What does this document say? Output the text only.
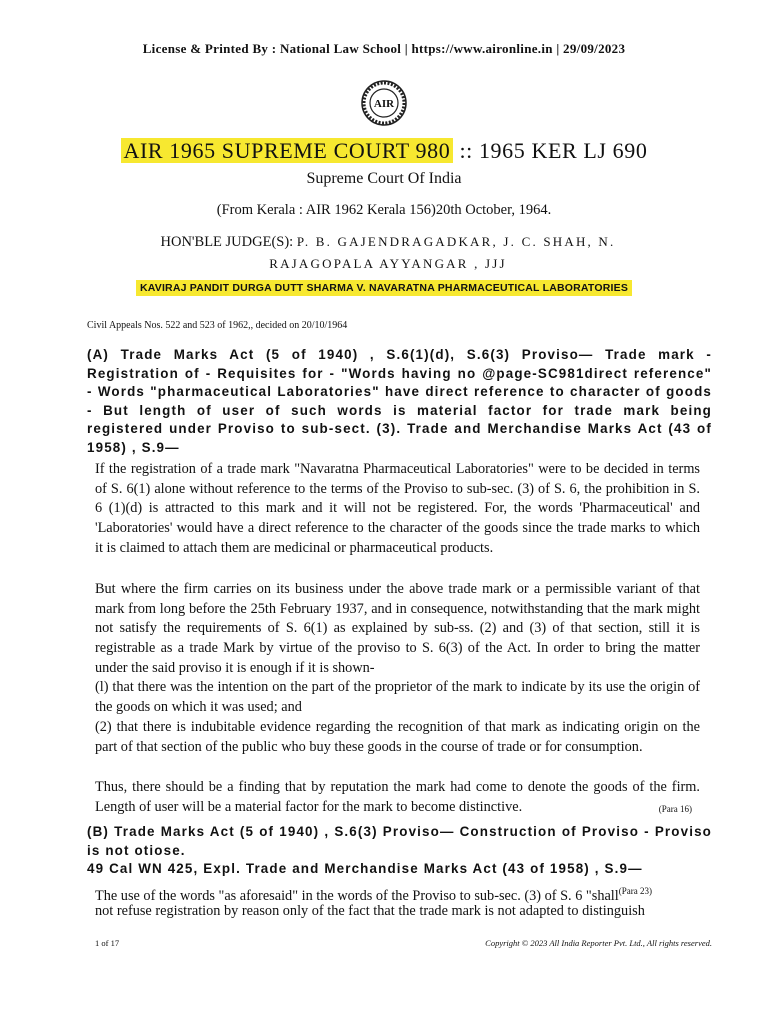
License & Printed By : National Law School | https://www.aironline.in | 29/09/2023
AIR
AIR 1965 SUPREME COURT 980 :: 1965 KER LJ 690
Supreme Court Of India
(From Kerala : AIR 1962 Kerala 156)20th October, 1964.
HON'BLE JUDGE(S): P. B. GAJENDRAGADKAR, J. C. SHAH, N. RAJAGOPALA AYYANGAR , JJJ
KAVIRAJ PANDIT DURGA DUTT SHARMA V. NAVARATNA PHARMACEUTICAL LABORATORIES
Civil Appeals Nos. 522 and 523 of 1962,, decided on 20/10/1964
(A) Trade Marks Act (5 of 1940) , S.6(1)(d), S.6(3) Proviso— Trade mark - Registration of - Requisites for - "Words having no @page-SC981direct reference" - Words "pharmaceutical Laboratories" have direct reference to character of goods - But length of user of such words is material factor for trade mark being registered under Proviso to sub-sect. (3). Trade and Merchandise Marks Act (43 of 1958) , S.9—
If the registration of a trade mark "Navaratna Pharmaceutical Laboratories" were to be decided in terms of S. 6(1) alone without reference to the terms of the Proviso to sub-sec. (3) of S. 6, the prohibition in S. 6 (1)(d) is attracted to this mark and it will not be registered. For, the words 'Pharmaceutical' and 'Laboratories' would have a direct reference to the character of the goods since the trade marks to which it is claimed to attach them are medicinal or pharmaceutical products.
But where the firm carries on its business under the above trade mark or a permissible variant of that mark from long before the 25th February 1937, and in consequence, notwithstanding that the mark might not satisfy the requirements of S. 6(1) as explained by sub-ss. (2) and (3) of that section, still it is registrable as a trade Mark by virtue of the proviso to S. 6(3) of the Act. In order to bring the matter under the said proviso it is enough if it is shown-
(l) that there was the intention on the part of the proprietor of the mark to indicate by its use the origin of the goods on which it was used; and
(2) that there is indubitable evidence regarding the recognition of that mark as indicating origin on the part of that section of the public who buy these goods in the course of trade or for consumption.
Thus, there should be a finding that by reputation the mark had come to denote the goods of the firm. Length of user will be a material factor for the mark to become distinctive.	(Para 16)
(B) Trade Marks Act (5 of 1940) , S.6(3) Proviso— Construction of Proviso - Proviso is not otiose.
49 Cal WN 425, Expl. Trade and Merchandise Marks Act (43 of 1958) , S.9—
The use of the words "as aforesaid" in the words of the Proviso to sub-sec. (3) of S. 6 "shall$^{(Para 23)}$
not refuse registration by reason only of the fact that the trade mark is not adapted to distinguish
1 of 17	Copyright © 2023 All India Reporter Pvt. Ltd., All rights reserved.
